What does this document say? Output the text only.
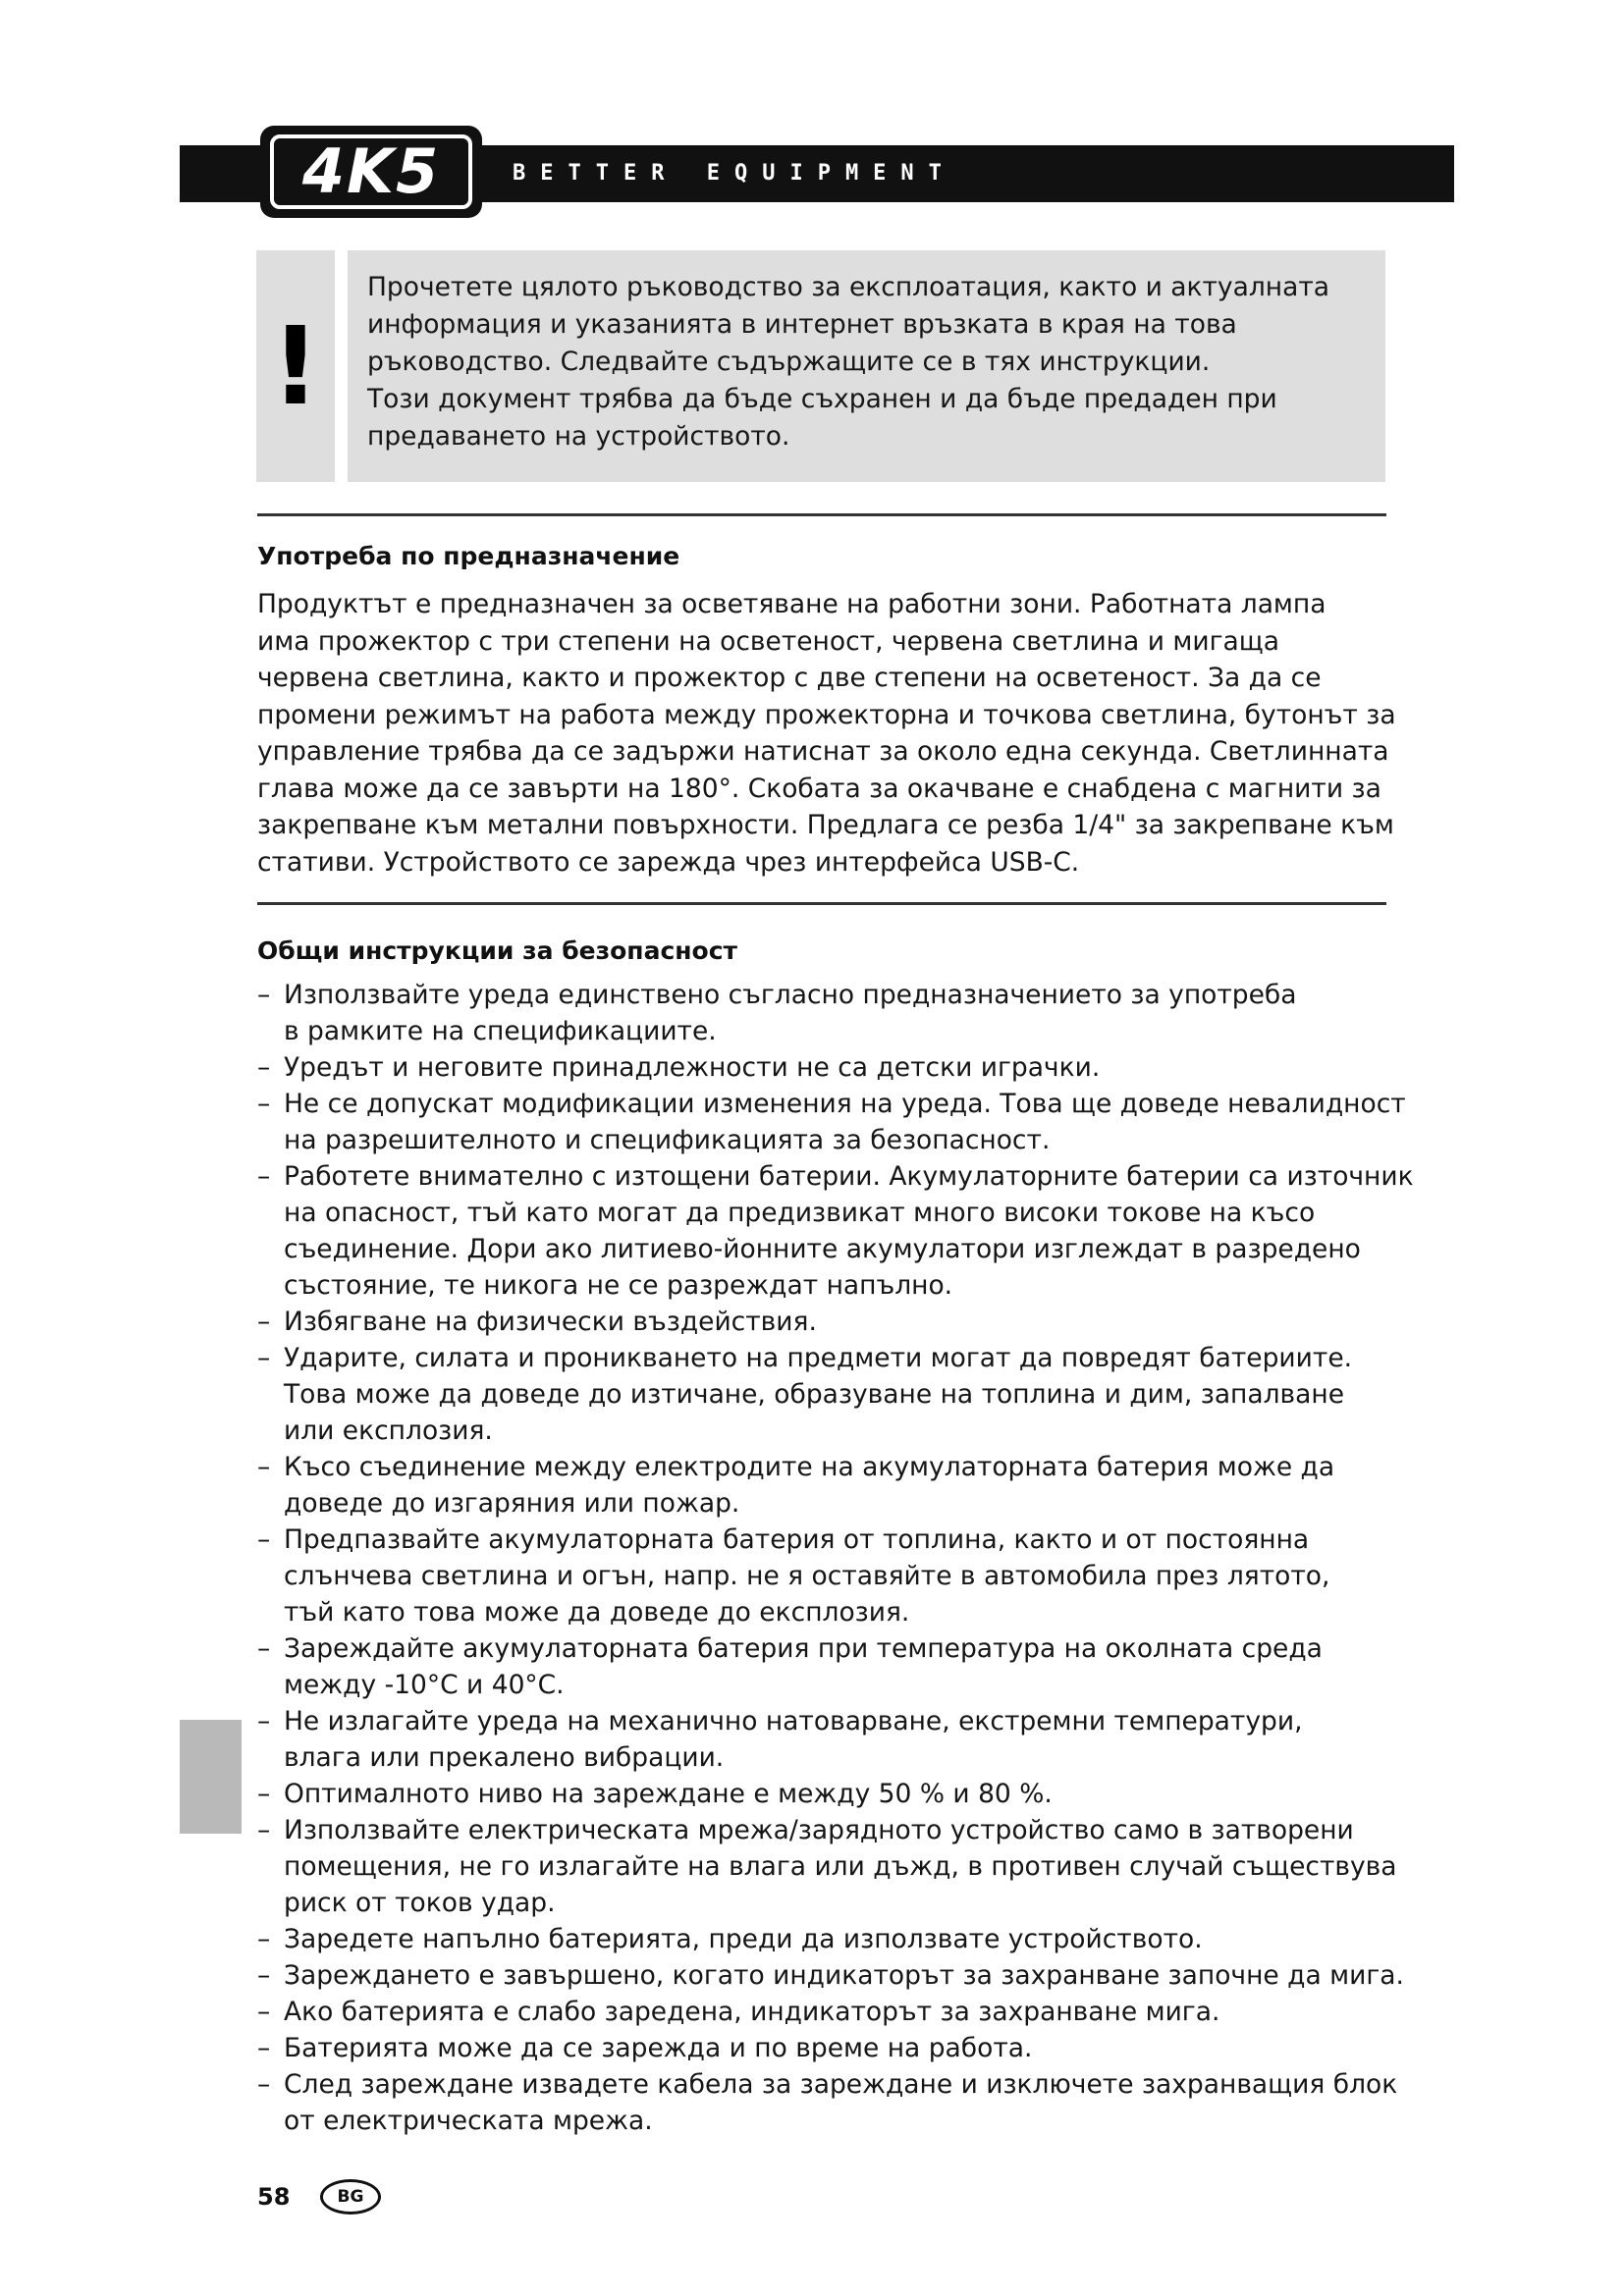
4K5	BETTER EQUIPMENT
!
Прочетете цялото ръководство за експлоатация, както и актуалната
информация и указанията в интернет връзката в края на това
ръководство. Следвайте съдържащите се в тях инструкции.
Този документ трябва да бъде съхранен и да бъде предаден при
предаването на устройството.
Употреба по предназначение
Продуктът е предназначен за осветяване на работни зони. Работната лампа
има прожектор с три степени на осветеност, червена светлина и мигаща
червена светлина, както и прожектор с две степени на осветеност. За да се
промени режимът на работа между прожекторна и точкова светлина, бутонът за
управление трябва да се задържи натиснат за около една секунда. Светлинната
глава може да се завърти на 180°. Скобата за окачване е снабдена с магнити за
закрепване към метални повърхности. Предлага се резба 1/4" за закрепване към
стативи. Устройството се зарежда чрез интерфейса USB-C.
Общи инструкции за безопасност
– Използвайте уреда единствено съгласно предназначението за употреба
в рамките на спецификациите.
– Уредът и неговите принадлежности не са детски играчки.
– Не се допускат модификации изменения на уреда. Това ще доведе невалидност
на разрешителното и спецификацията за безопасност.
– Работете внимателно с изтощени батерии. Акумулаторните батерии са източник
на опасност, тъй като могат да предизвикат много високи токове на късо
съединение. Дори ако литиево-йонните акумулатори изглеждат в разредено
състояние, те никога не се разреждат напълно.
– Избягване на физически въздействия.
– Ударите, силата и проникването на предмети могат да повредят батериите.
Това може да доведе до изтичане, образуване на топлина и дим, запалване
или експлозия.
– Късо съединение между електродите на акумулаторната батерия може да
доведе до изгаряния или пожар.
– Предпазвайте акумулаторната батерия от топлина, както и от постоянна
слънчева светлина и огън, напр. не я оставяйте в автомобила през лятото,
тъй като това може да доведе до експлозия.
– Зареждайте акумулаторната батерия при температура на околната среда
между -10°C и 40°C.
– Не излагайте уреда на механично натоварване, екстремни температури,
влага или прекалено вибрации.
– Оптималното ниво на зареждане е между 50 % и 80 %.
– Използвайте електрическата мрежа/зарядното устройство само в затворени
помещения, не го излагайте на влага или дъжд, в противен случай съществува
риск от токов удар.
– Заредете напълно батерията, преди да използвате устройството.
– Зареждането е завършено, когато индикаторът за захранване започне да мига.
– Ако батерията е слабо заредена, индикаторът за захранване мига.
– Батерията може да се зарежда и по време на работа.
– След зареждане извадете кабела за зареждане и изключете захранващия блок
от електрическата мрежа.
58	BG
